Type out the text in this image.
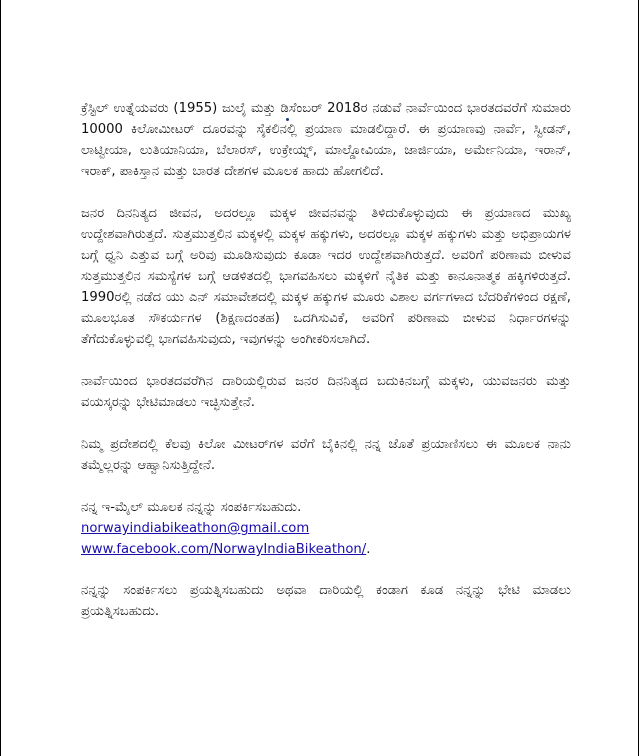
ಕ್ರೆಸ್ಟಿಲ್ ಉತ್ನೆಯವರು (1955) ಜುಲೈ ಮತ್ತು ಡಿಸೆಂಬರ್ 2018ರ ನಡುವೆ ನಾರ್ವೆಯಿಂದ ಭಾರತದವರೆಗೆ ಸುಮಾರು 10000 ಕಿಲೋಮೀಟರ್ ದೂರವನ್ನು ಸೈಕಲಿನಲ್ಲಿ ಪ್ರಯಾಣ ಮಾಡಲಿದ್ದಾರೆ. ಈ ಪ್ರಯಾಣವು ನಾರ್ವೆ, ಸ್ವೀಡನ್, ಲಾಟ್ವೀಯಾ, ಲುತಿಯಾನಿಯಾ, ಬೆಲಾರಸ್, ಉಕ್ರೇಯ್ನ್, ಮಾಲ್ಡೋವಿಯಾ, ಜಾರ್ಜಿಯಾ, ಅರ್ಮೇನಿಯಾ, ಇರಾನ್, ಇರಾಕ್, ಪಾಕಿಸ್ತಾನ ಮತ್ತು ಬಾರತ ದೇಶಗಳ ಮೂಲಕ ಹಾದು ಹೋಗಲಿದೆ.

ಜನರ ದಿನನಿತ್ಯದ ಜೀವನ, ಅದರಲ್ಲೂ ಮಕ್ಕಳ ಜೀವನವನ್ನು ತಿಳಿದುಕೊಳ್ಳುವುದು ಈ ಪ್ರಯಾಣದ ಮುಖ್ಯ ಉದ್ದೇಶವಾಗಿರುತ್ತದೆ. ಸುತ್ತಮುತ್ತಲಿನ ಮಕ್ಕಳಲ್ಲಿ ಮಕ್ಕಳ ಹಕ್ಕುಗಳು, ಅದರಲ್ಲೂ ಮಕ್ಕಳ ಹಕ್ಕುಗಳು ಮತ್ತು ಅಭಿಪ್ರಾಯಗಳ ಬಗ್ಗೆ ಧ್ವನಿ ಎತ್ತುವ ಬಗ್ಗೆ ಅರಿವು ಮೂಡಿಸುವುದು ಕೂಡಾ ಇದರ ಉದ್ದೇಶವಾಗಿರುತ್ತದೆ. ಅವರಿಗೆ ಪರಿಣಾಮ ಬೀಳುವ ಸುತ್ತಮುತ್ತಲಿನ ಸಮಸ್ಯೆಗಳ ಬಗ್ಗೆ ಆಡಳಿತದಲ್ಲಿ ಭಾಗವಹಿಸಲು ಮಕ್ಕಳಿಗೆ ನೈತಿಕ ಮತ್ತು ಕಾನೂನಾತ್ಮಕ ಹಕ್ಕಿಗಳಿರುತ್ತದೆ. 1990ರಲ್ಲಿ ನಡೆದ ಯು ಎನ್ ಸಮಾವೇಶದಲ್ಲಿ ಮಕ್ಕಳ ಹಕ್ಕುಗಳ ಮೂರು ವಿಶಾಲ ವರ್ಗಗಳಾದ ಬೆದರಿಕೆಗಳಿಂದ ರಕ್ಷಣೆ, ಮೂಲಭೂತ ಸೌಕರ್ಯಗಳ (ಶಿಕ್ಷಣದಂತಹ) ಒದಗಿಸುವಿಕೆ, ಅವರಿಗೆ ಪರಿಣಾಮ ಬೀಳುವ ನಿರ್ಧಾರಗಳನ್ನು ತೆಗೆದುಕೊಳ್ಳುವಲ್ಲಿ ಭಾಗವಹಿಸುವುದು, ಇವುಗಳನ್ನು ಅಂಗೀಕರಿಸಲಾಗಿದೆ.

ನಾರ್ವೆಯಿಂದ ಭಾರತದವರೆಗಿನ ದಾರಿಯಲ್ಲಿರುವ ಜನರ ದಿನನಿತ್ಯದ ಬದುಕಿನಬಗ್ಗೆ ಮಕ್ಕಳು, ಯುವಜನರು ಮತ್ತು ವಯಸ್ಕರನ್ನು ಭೇಟಿಮಾಡಲು ಇಚ್ಛಿಸುತ್ತೇನೆ.

ನಿಮ್ಮ ಪ್ರದೇಶದಲ್ಲಿ ಕೆಲವು ಕಿಲೋ ಮೀಟರ್‌ಗಳ ವರೆಗೆ ಬೈಕಿನಲ್ಲಿ ನನ್ನ ಜೊತೆ ಪ್ರಯಾಣಿಸಲು ಈ ಮೂಲಕ ನಾನು ತಮ್ಮೆಲ್ಲರನ್ನು ಆಹ್ವಾನಿಸುತ್ತಿದ್ದೇನೆ.

ನನ್ನ ಇ-ಮೈಲ್ ಮೂಲಕ ನನ್ನನ್ನು ಸಂಪರ್ಕಿಸಬಹುದು.
norwayindiabikeathon@gmail.com
www.facebook.com/NorwayIndiaBikeathon/.

ನನ್ನನ್ನು ಸಂಪರ್ಕಿಸಲು ಪ್ರಯತ್ನಿಸಬಹುದು ಅಥವಾ ದಾರಿಯಲ್ಲಿ ಕಂಡಾಗ ಕೂಡ ನನ್ನನ್ನು ಭೇಟಿ ಮಾಡಲು ಪ್ರಯತ್ನಿಸಬಹುದು.
